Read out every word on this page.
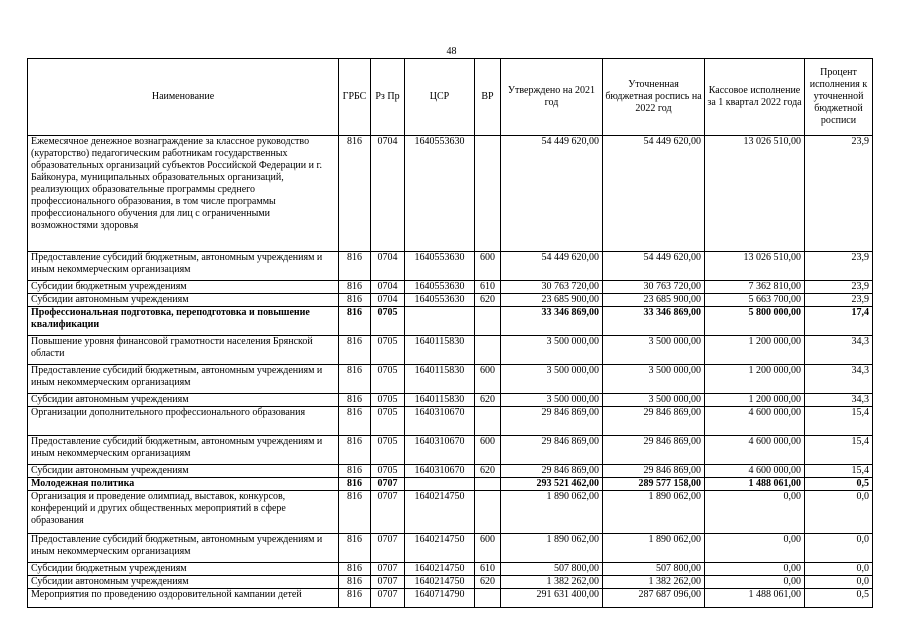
48
Наименование	ГРБС	Рз Пр	ЦСР	ВР	Утверждено на 2021 год	Уточненная бюджетная роспись на 2022 год	Кассовое исполнение за 1 квартал 2022 года	Процент исполнения к уточненной бюджетной росписи
Ежемесячное денежное вознаграждение за классное руководство (кураторство) педагогическим работникам государственных образовательных организаций субъектов Российской Федерации и г. Байконура, муниципальных образовательных организаций, реализующих образовательные программы среднего профессионального образования, в том числе программы профессионального обучения для лиц с ограниченными возможностями здоровья	816	0704	1640553630		54 449 620,00	54 449 620,00	13 026 510,00	23,9
Предоставление субсидий бюджетным, автономным учреждениям и иным некоммерческим организациям	816	0704	1640553630	600	54 449 620,00	54 449 620,00	13 026 510,00	23,9
Субсидии бюджетным учреждениям	816	0704	1640553630	610	30 763 720,00	30 763 720,00	7 362 810,00	23,9
Субсидии автономным учреждениям	816	0704	1640553630	620	23 685 900,00	23 685 900,00	5 663 700,00	23,9
Профессиональная подготовка, переподготовка и повышение квалификации	816	0705			33 346 869,00	33 346 869,00	5 800 000,00	17,4
Повышение уровня финансовой грамотности населения Брянской области	816	0705	1640115830		3 500 000,00	3 500 000,00	1 200 000,00	34,3
Предоставление субсидий бюджетным, автономным учреждениям и иным некоммерческим организациям	816	0705	1640115830	600	3 500 000,00	3 500 000,00	1 200 000,00	34,3
Субсидии автономным учреждениям	816	0705	1640115830	620	3 500 000,00	3 500 000,00	1 200 000,00	34,3
Организации дополнительного профессионального образования	816	0705	1640310670		29 846 869,00	29 846 869,00	4 600 000,00	15,4
Предоставление субсидий бюджетным, автономным учреждениям и иным некоммерческим организациям	816	0705	1640310670	600	29 846 869,00	29 846 869,00	4 600 000,00	15,4
Субсидии автономным учреждениям	816	0705	1640310670	620	29 846 869,00	29 846 869,00	4 600 000,00	15,4
Молодежная политика	816	0707			293 521 462,00	289 577 158,00	1 488 061,00	0,5
Организация и проведение олимпиад, выставок, конкурсов, конференций и других общественных мероприятий в сфере образования	816	0707	1640214750		1 890 062,00	1 890 062,00	0,00	0,0
Предоставление субсидий бюджетным, автономным учреждениям и иным некоммерческим организациям	816	0707	1640214750	600	1 890 062,00	1 890 062,00	0,00	0,0
Субсидии бюджетным учреждениям	816	0707	1640214750	610	507 800,00	507 800,00	0,00	0,0
Субсидии автономным учреждениям	816	0707	1640214750	620	1 382 262,00	1 382 262,00	0,00	0,0
Мероприятия по проведению оздоровительной кампании детей	816	0707	1640714790		291 631 400,00	287 687 096,00	1 488 061,00	0,5
